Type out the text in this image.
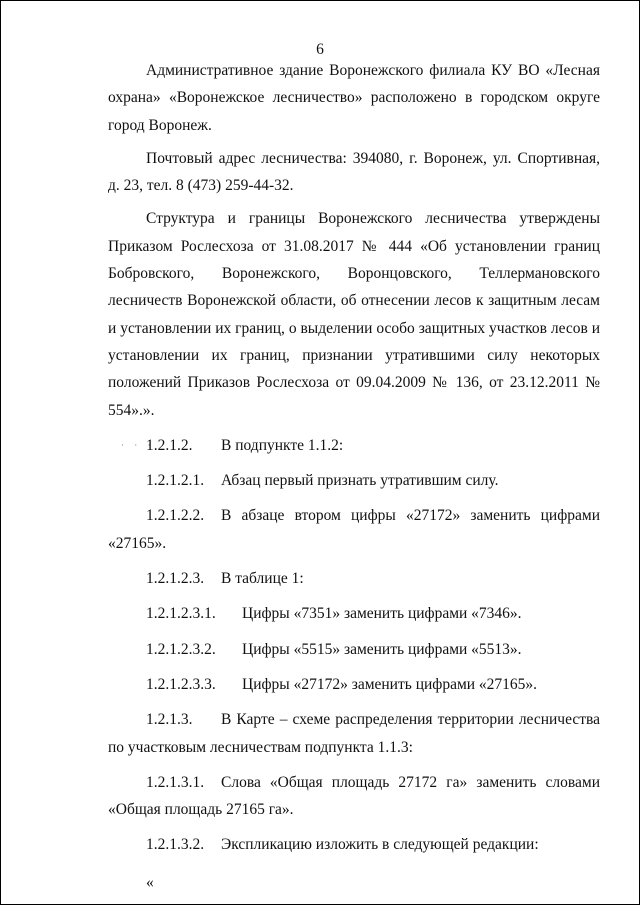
6
· · ·

Административное здание Воронежского филиала КУ ВО «Лесная охрана» «Воронежское лесничество» расположено в городском округе город Воронеж.

Почтовый адрес лесничества: 394080, г. Воронеж, ул. Спортивная, д. 23, тел. 8 (473) 259-44-32.

Структура и границы Воронежского лесничества утверждены Приказом Рослесхоза от 31.08.2017 № 444 «Об установлении границ Бобровского, Воронежского, Воронцовского, Теллермановского лесничеств Воронежской области, об отнесении лесов к защитным лесам и установлении их границ, о выделении особо защитных участков лесов и установлении их границ, признании утратившими силу некоторых положений Приказов Рослесхоза от 09.04.2009 № 136, от 23.12.2011 № 554».».

1.2.1.2.	В подпункте 1.1.2:
1.2.1.2.1.	Абзац первый признать утратившим силу.
1.2.1.2.2.	В абзаце втором цифры «27172» заменить цифрами
«27165».
1.2.1.2.3.	В таблице 1:
1.2.1.2.3.1.	Цифры «7351» заменить цифрами «7346».
1.2.1.2.3.2.	Цифры «5515» заменить цифрами «5513».
1.2.1.2.3.3.	Цифры «27172» заменить цифрами «27165».
1.2.1.3.	В Карте – схеме распределения территории лесничества
по участковым лесничествам подпункта 1.1.3:
1.2.1.3.1.	Слова «Общая площадь 27172 га» заменить словами
«Общая площадь 27165 га».
1.2.1.3.2.	Экспликацию изложить в следующей редакции:
«
